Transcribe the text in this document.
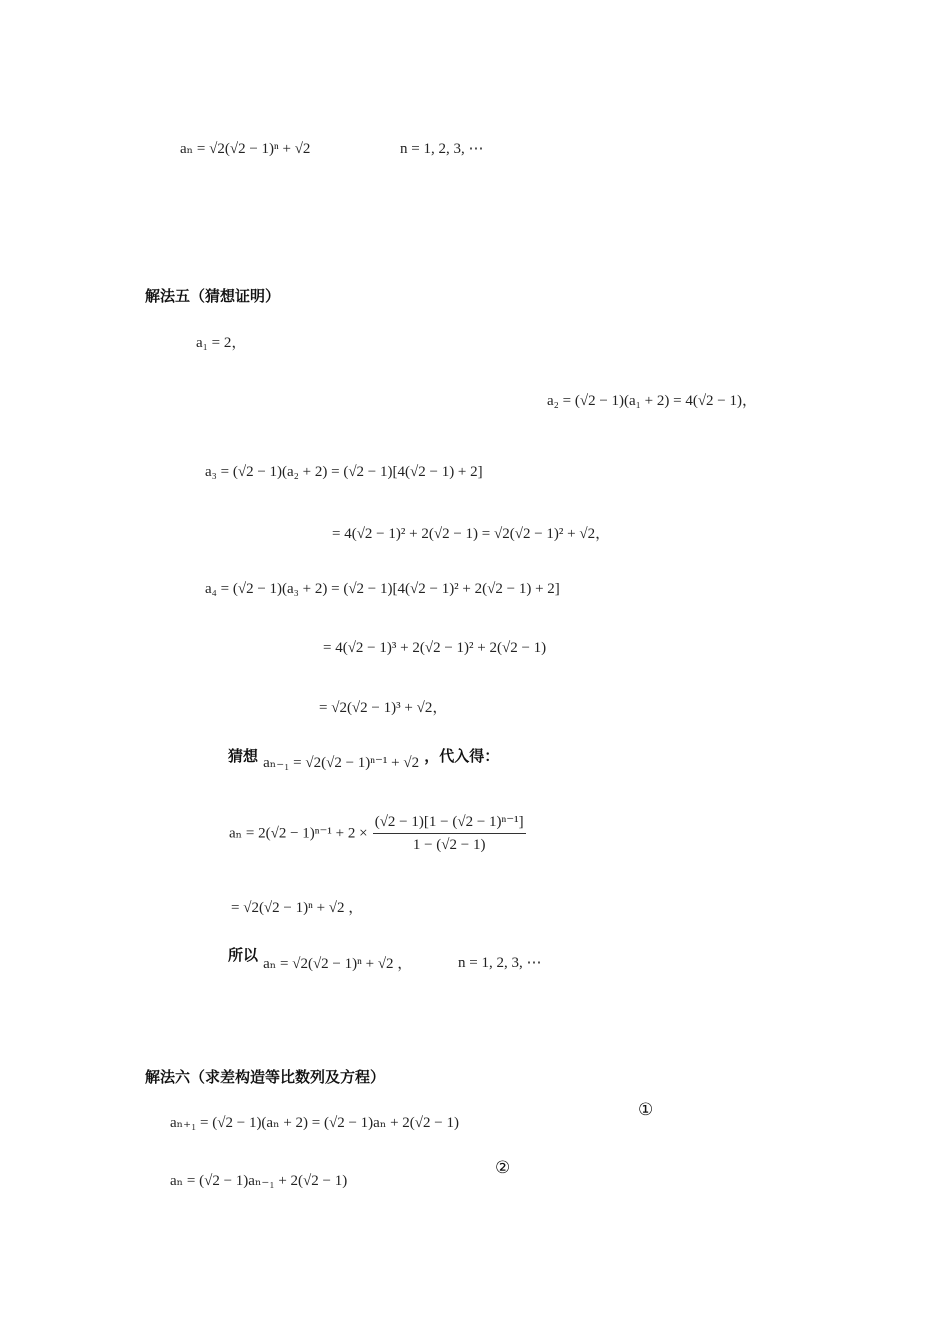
aₙ = √2(√2 − 1)ⁿ + √2	n = 1, 2, 3, ⋯
解法五（猜想证明）
a₁ = 2，
a₂ = (√2 − 1)(a₁ + 2) = 4(√2 − 1)，
a₃ = (√2 − 1)(a₂ + 2) = (√2 − 1)[4(√2 − 1) + 2]
= 4(√2 − 1)² + 2(√2 − 1) = √2(√2 − 1)² + √2，
a₄ = (√2 − 1)(a₃ + 2) = (√2 − 1)[4(√2 − 1)² + 2(√2 − 1) + 2]
= 4(√2 − 1)³ + 2(√2 − 1)² + 2(√2 − 1)
= √2(√2 − 1)³ + √2，
猜想 aₙ₋₁ = √2(√2 − 1)ⁿ⁻¹ + √2 ，代入得：
$a_n = 2(√2 - 1)^{n-1} + 2 \times \frac{\text{(√2 − 1)[1 − (√2 − 1)ⁿ⁻¹]}}{1 - (√2 - 1)}$
= √2(√2 − 1)ⁿ + √2 ，
所以 aₙ = √2(√2 − 1)ⁿ + √2 ，	n = 1, 2, 3, ⋯
解法六（求差构造等比数列及方程）
aₙ₊₁ = (√2 − 1)(aₙ + 2) = (√2 − 1)aₙ + 2(√2 − 1)
①
aₙ = (√2 − 1)aₙ₋₁ + 2(√2 − 1)
②
